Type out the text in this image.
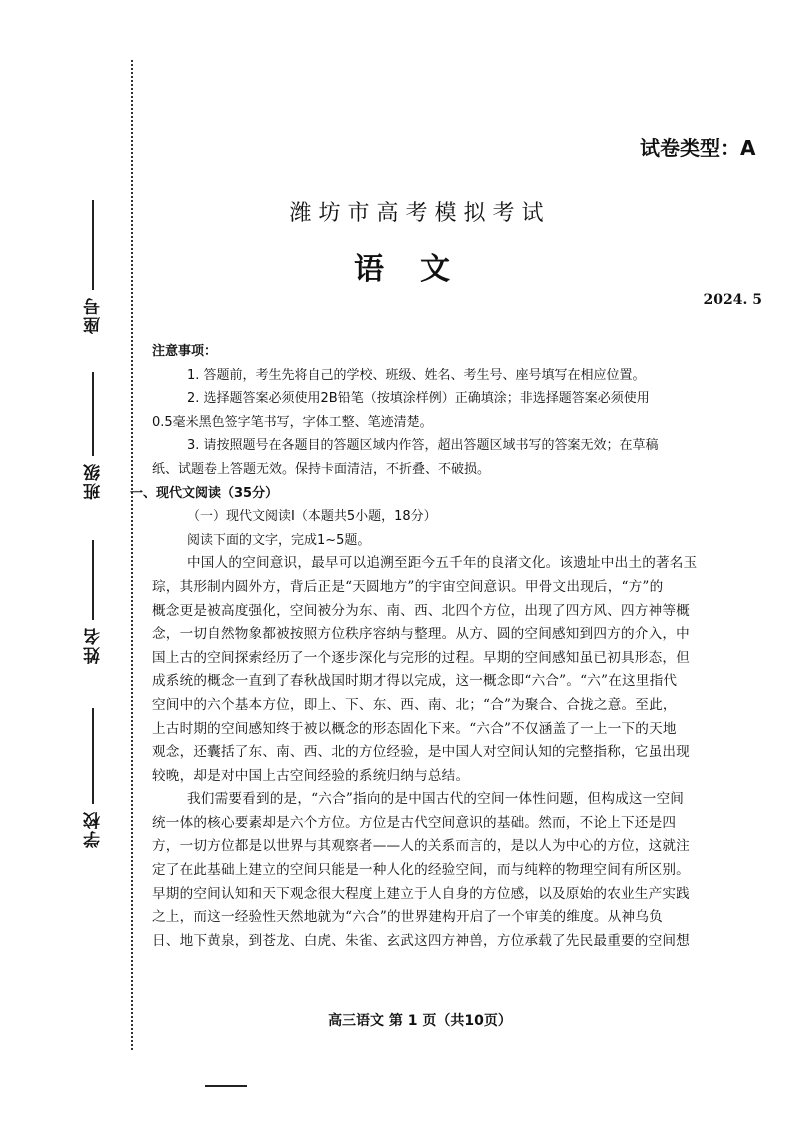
座号
班级
姓名
学校
试卷类型：A
潍坊市高考模拟考试
语文
2024. 5
注意事项：
1. 答题前，考生先将自己的学校、班级、姓名、考生号、座号填写在相应位置。
2. 选择题答案必须使用2B铅笔（按填涂样例）正确填涂；非选择题答案必须使用
0.5毫米黑色签字笔书写，字体工整、笔迹清楚。
3. 请按照题号在各题目的答题区域内作答，超出答题区域书写的答案无效；在草稿
纸、试题卷上答题无效。保持卡面清洁，不折叠、不破损。
一、现代文阅读（35分）
（一）现代文阅读Ⅰ（本题共5小题，18分）
阅读下面的文字，完成1~5题。
中国人的空间意识，最早可以追溯至距今五千年的良渚文化。该遗址中出土的著名玉
琮，其形制内圆外方，背后正是“天圆地方”的宇宙空间意识。甲骨文出现后，“方”的
概念更是被高度强化，空间被分为东、南、西、北四个方位，出现了四方风、四方神等概
念，一切自然物象都被按照方位秩序容纳与整理。从方、圆的空间感知到四方的介入，中
国上古的空间探索经历了一个逐步深化与完形的过程。早期的空间感知虽已初具形态，但
成系统的概念一直到了春秋战国时期才得以完成，这一概念即“六合”。“六”在这里指代
空间中的六个基本方位，即上、下、东、西、南、北；“合”为聚合、合拢之意。至此，
上古时期的空间感知终于被以概念的形态固化下来。“六合”不仅涵盖了一上一下的天地
观念，还囊括了东、南、西、北的方位经验，是中国人对空间认知的完整指称，它虽出现
较晚，却是对中国上古空间经验的系统归纳与总结。
我们需要看到的是，“六合”指向的是中国古代的空间一体性问题，但构成这一空间
统一体的核心要素却是六个方位。方位是古代空间意识的基础。然而，不论上下还是四
方，一切方位都是以世界与其观察者——人的关系而言的，是以人为中心的方位，这就注
定了在此基础上建立的空间只能是一种人化的经验空间，而与纯粹的物理空间有所区别。
早期的空间认知和天下观念很大程度上建立于人自身的方位感，以及原始的农业生产实践
之上，而这一经验性天然地就为“六合”的世界建构开启了一个审美的维度。从神乌负
日、地下黄泉，到苍龙、白虎、朱雀、玄武这四方神兽，方位承载了先民最重要的空间想
高三语文 第 1 页（共10页）
